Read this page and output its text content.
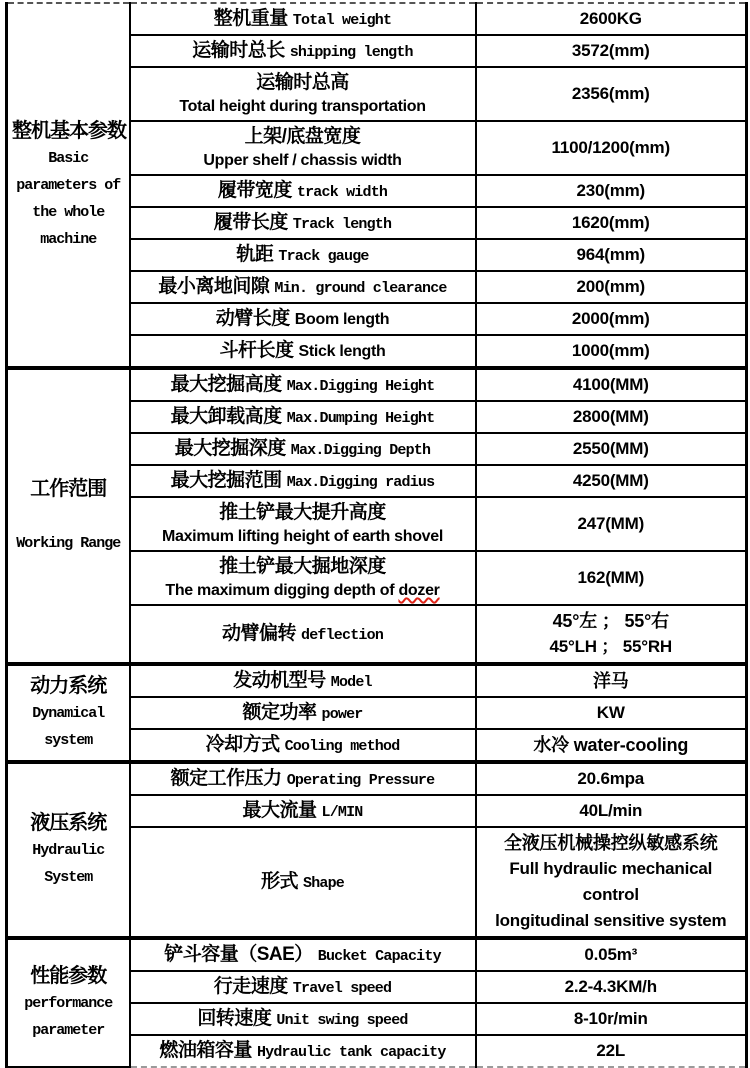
整机基本参数
Basic
parameters of
the whole
machine	整机重量 Total weight	2600KG

	运输时总长 shipping length	3572(mm)

	运输时总高
Total height during transportation	2356(mm)

	上架/底盘宽度
Upper shelf / chassis width	1100/1200(mm)

	履带宽度 track width	230(mm)

	履带长度 Track length	1620(mm)

	轨距 Track gauge	964(mm)

	最小离地间隙 Min. ground clearance	200(mm)

	动臂长度 Boom length	2000(mm)

	斗杆长度 Stick length	1000(mm)

工作范围
Working Range	最大挖掘高度 Max.Digging Height	4100(MM)

	最大卸载高度 Max.Dumping Height	2800(MM)

	最大挖掘深度 Max.Digging Depth	2550(MM)

	最大挖掘范围 Max.Digging radius	4250(MM)

	推土铲最大提升高度
Maximum lifting height of earth shovel	247(MM)

	推土铲最大掘地深度
The maximum digging depth of dozer	162(MM)

	动臂偏转 deflection	45°左 ； 55°右
45°LH ； 55°RH

动力系统
Dynamical
system	发动机型号 Model	洋马

	额定功率 power	KW

	冷却方式 Cooling method	水冷 water-cooling

液压系统
Hydraulic
System	额定工作压力 Operating Pressure	20.6mpa

	最大流量 L/MIN	40L/min

	形式 Shape	全液压机械操控纵敏感系统
Full hydraulic mechanical control
longitudinal sensitive system

性能参数
performance
parameter	铲斗容量（SAE） Bucket Capacity	0.05m³

	行走速度 Travel speed	2.2-4.3KM/h

	回转速度 Unit swing speed	8-10r/min

	燃油箱容量 Hydraulic tank capacity	22L
